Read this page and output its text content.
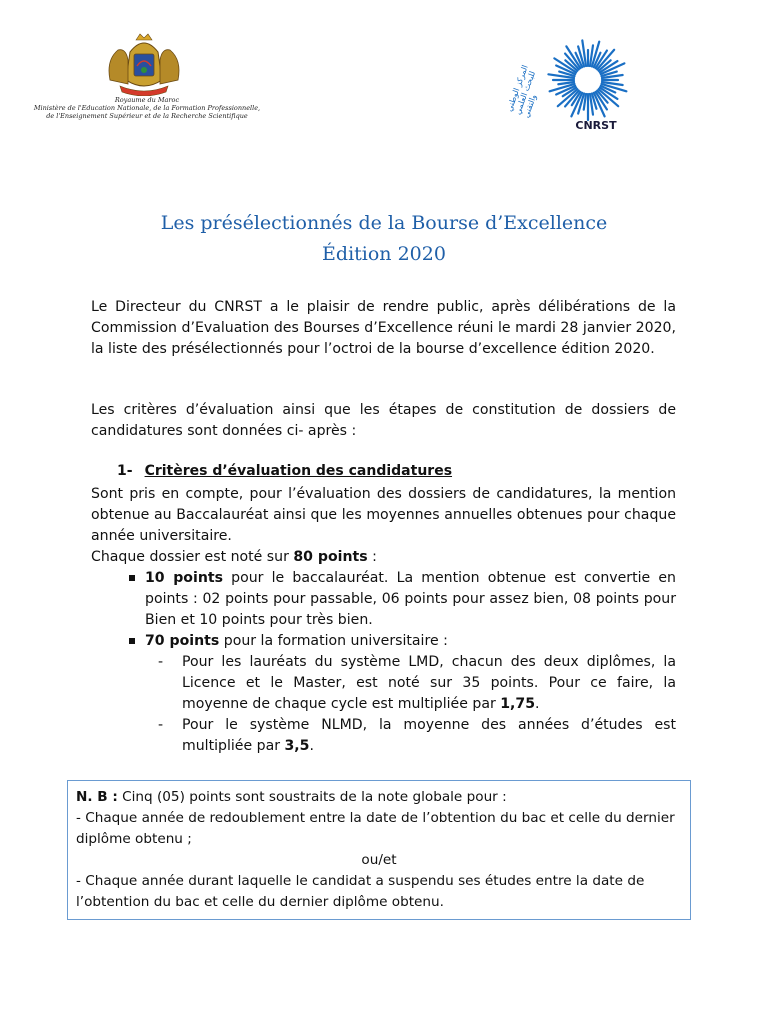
Royaume du Maroc
Ministère de l'Education Nationale, de la Formation Professionnelle,
de l'Enseignement Supérieur et de la Recherche Scientifique
المركز الوطني للبحث العلمي والتقني
CNRST
Les présélectionnés de la Bourse d’Excellence
Édition 2020
Le Directeur du CNRST a le plaisir de rendre public, après délibérations de la Commission d’Evaluation des Bourses d’Excellence réuni le mardi 28 janvier 2020, la liste des présélectionnés pour l’octroi de la bourse d’excellence édition 2020.
Les critères d’évaluation ainsi que les étapes de constitution de dossiers de candidatures sont données ci- après :
1- Critères d’évaluation des candidatures
Sont pris en compte, pour l’évaluation des dossiers de candidatures, la mention obtenue au Baccalauréat ainsi que les moyennes annuelles obtenues pour chaque année universitaire.
Chaque dossier est noté sur 80 points :
10 points pour le baccalauréat. La mention obtenue est convertie en points : 02 points pour passable, 06 points pour assez bien, 08 points pour Bien et 10 points pour très bien.
70 points pour la formation universitaire :
- Pour les lauréats du système LMD, chacun des deux diplômes, la Licence et le Master, est noté sur 35 points. Pour ce faire, la moyenne de chaque cycle est multipliée par 1,75.
- Pour le système NLMD, la moyenne des années d’études est multipliée par 3,5.
N. B : Cinq (05) points sont soustraits de la note globale pour :
- Chaque année de redoublement entre la date de l’obtention du bac et celle du dernier diplôme obtenu ;
ou/et
- Chaque année durant laquelle le candidat a suspendu ses études entre la date de l’obtention du bac et celle du dernier diplôme obtenu.
